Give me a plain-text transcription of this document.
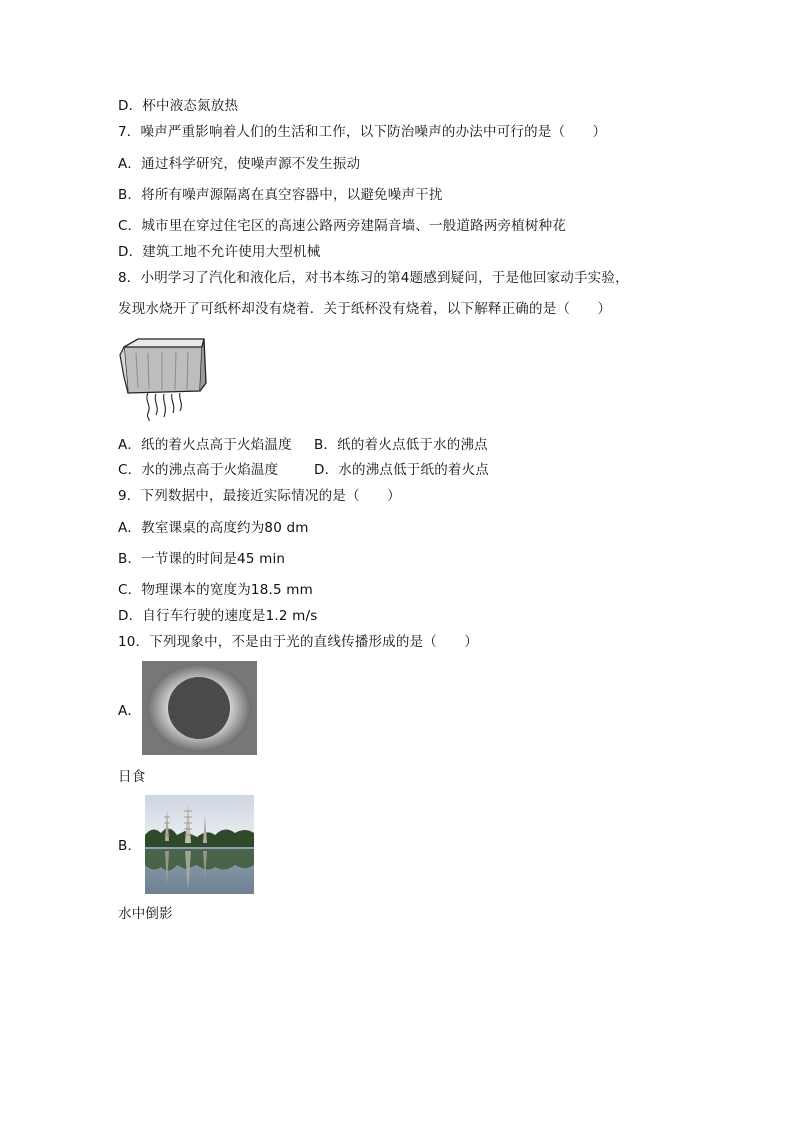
D．杯中液态氮放热
7．噪声严重影响着人们的生活和工作，以下防治噪声的办法中可行的是（　　）
A．通过科学研究，使噪声源不发生振动
B．将所有噪声源隔离在真空容器中，以避免噪声干扰
C．城市里在穿过住宅区的高速公路两旁建隔音墙、一般道路两旁植树种花
D．建筑工地不允许使用大型机械
8．小明学习了汽化和液化后，对书本练习的第4题感到疑问，于是他回家动手实验，
发现水烧开了可纸杯却没有烧着．关于纸杯没有烧着，以下解释正确的是（　　）
A．纸的着火点高于火焰温度 B．纸的着火点低于水的沸点
C．水的沸点高于火焰温度	D．水的沸点低于纸的着火点
9．下列数据中，最接近实际情况的是（　　）
A．教室课桌的高度约为80 dm
B．一节课的时间是45 min
C．物理课本的宽度为18.5 mm
D．自行车行驶的速度是1.2 m/s
10．下列现象中，不是由于光的直线传播形成的是（　　）
A．
日食
B．
水中倒影
